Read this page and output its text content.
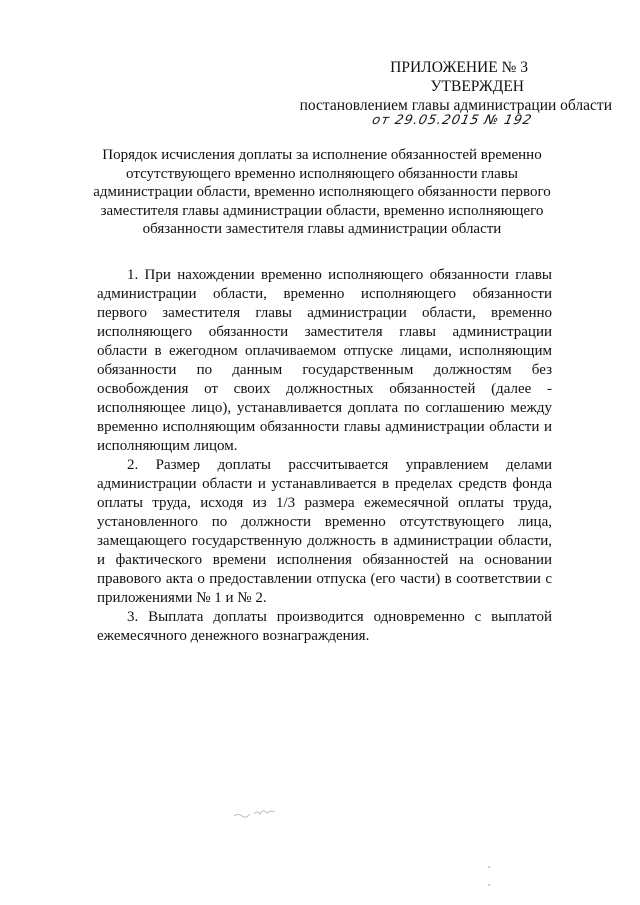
ПРИЛОЖЕНИЕ № 3
УТВЕРЖДЕН
постановлением главы администрации области
от 29.05.2015 № 192
Порядок исчисления доплаты за исполнение обязанностей временно отсутствующего временно исполняющего обязанности главы администрации области, временно исполняющего обязанности первого заместителя главы администрации области, временно исполняющего обязанности заместителя главы администрации области

1. При нахождении временно исполняющего обязанности главы администрации области, временно исполняющего обязанности первого заместителя главы администрации области, временно исполняющего обязанности заместителя главы администрации области в ежегодном оплачиваемом отпуске лицами, исполняющим обязанности по данным государственным должностям без освобождения от своих должностных обязанностей (далее - исполняющее лицо), устанавливается доплата по соглашению между временно исполняющим обязанности главы администрации области и исполняющим лицом.

2. Размер доплаты рассчитывается управлением делами администрации области и устанавливается в пределах средств фонда оплаты труда, исходя из 1/3 размера ежемесячной оплаты труда, установленного по должности временно отсутствующего лица, замещающего государственную должность в администрации области, и фактического времени исполнения обязанностей на основании правового акта о предоставлении отпуска (его части) в соответствии с приложениями № 1 и № 2.

3. Выплата доплаты производится одновременно с выплатой ежемесячного денежного вознаграждения.
